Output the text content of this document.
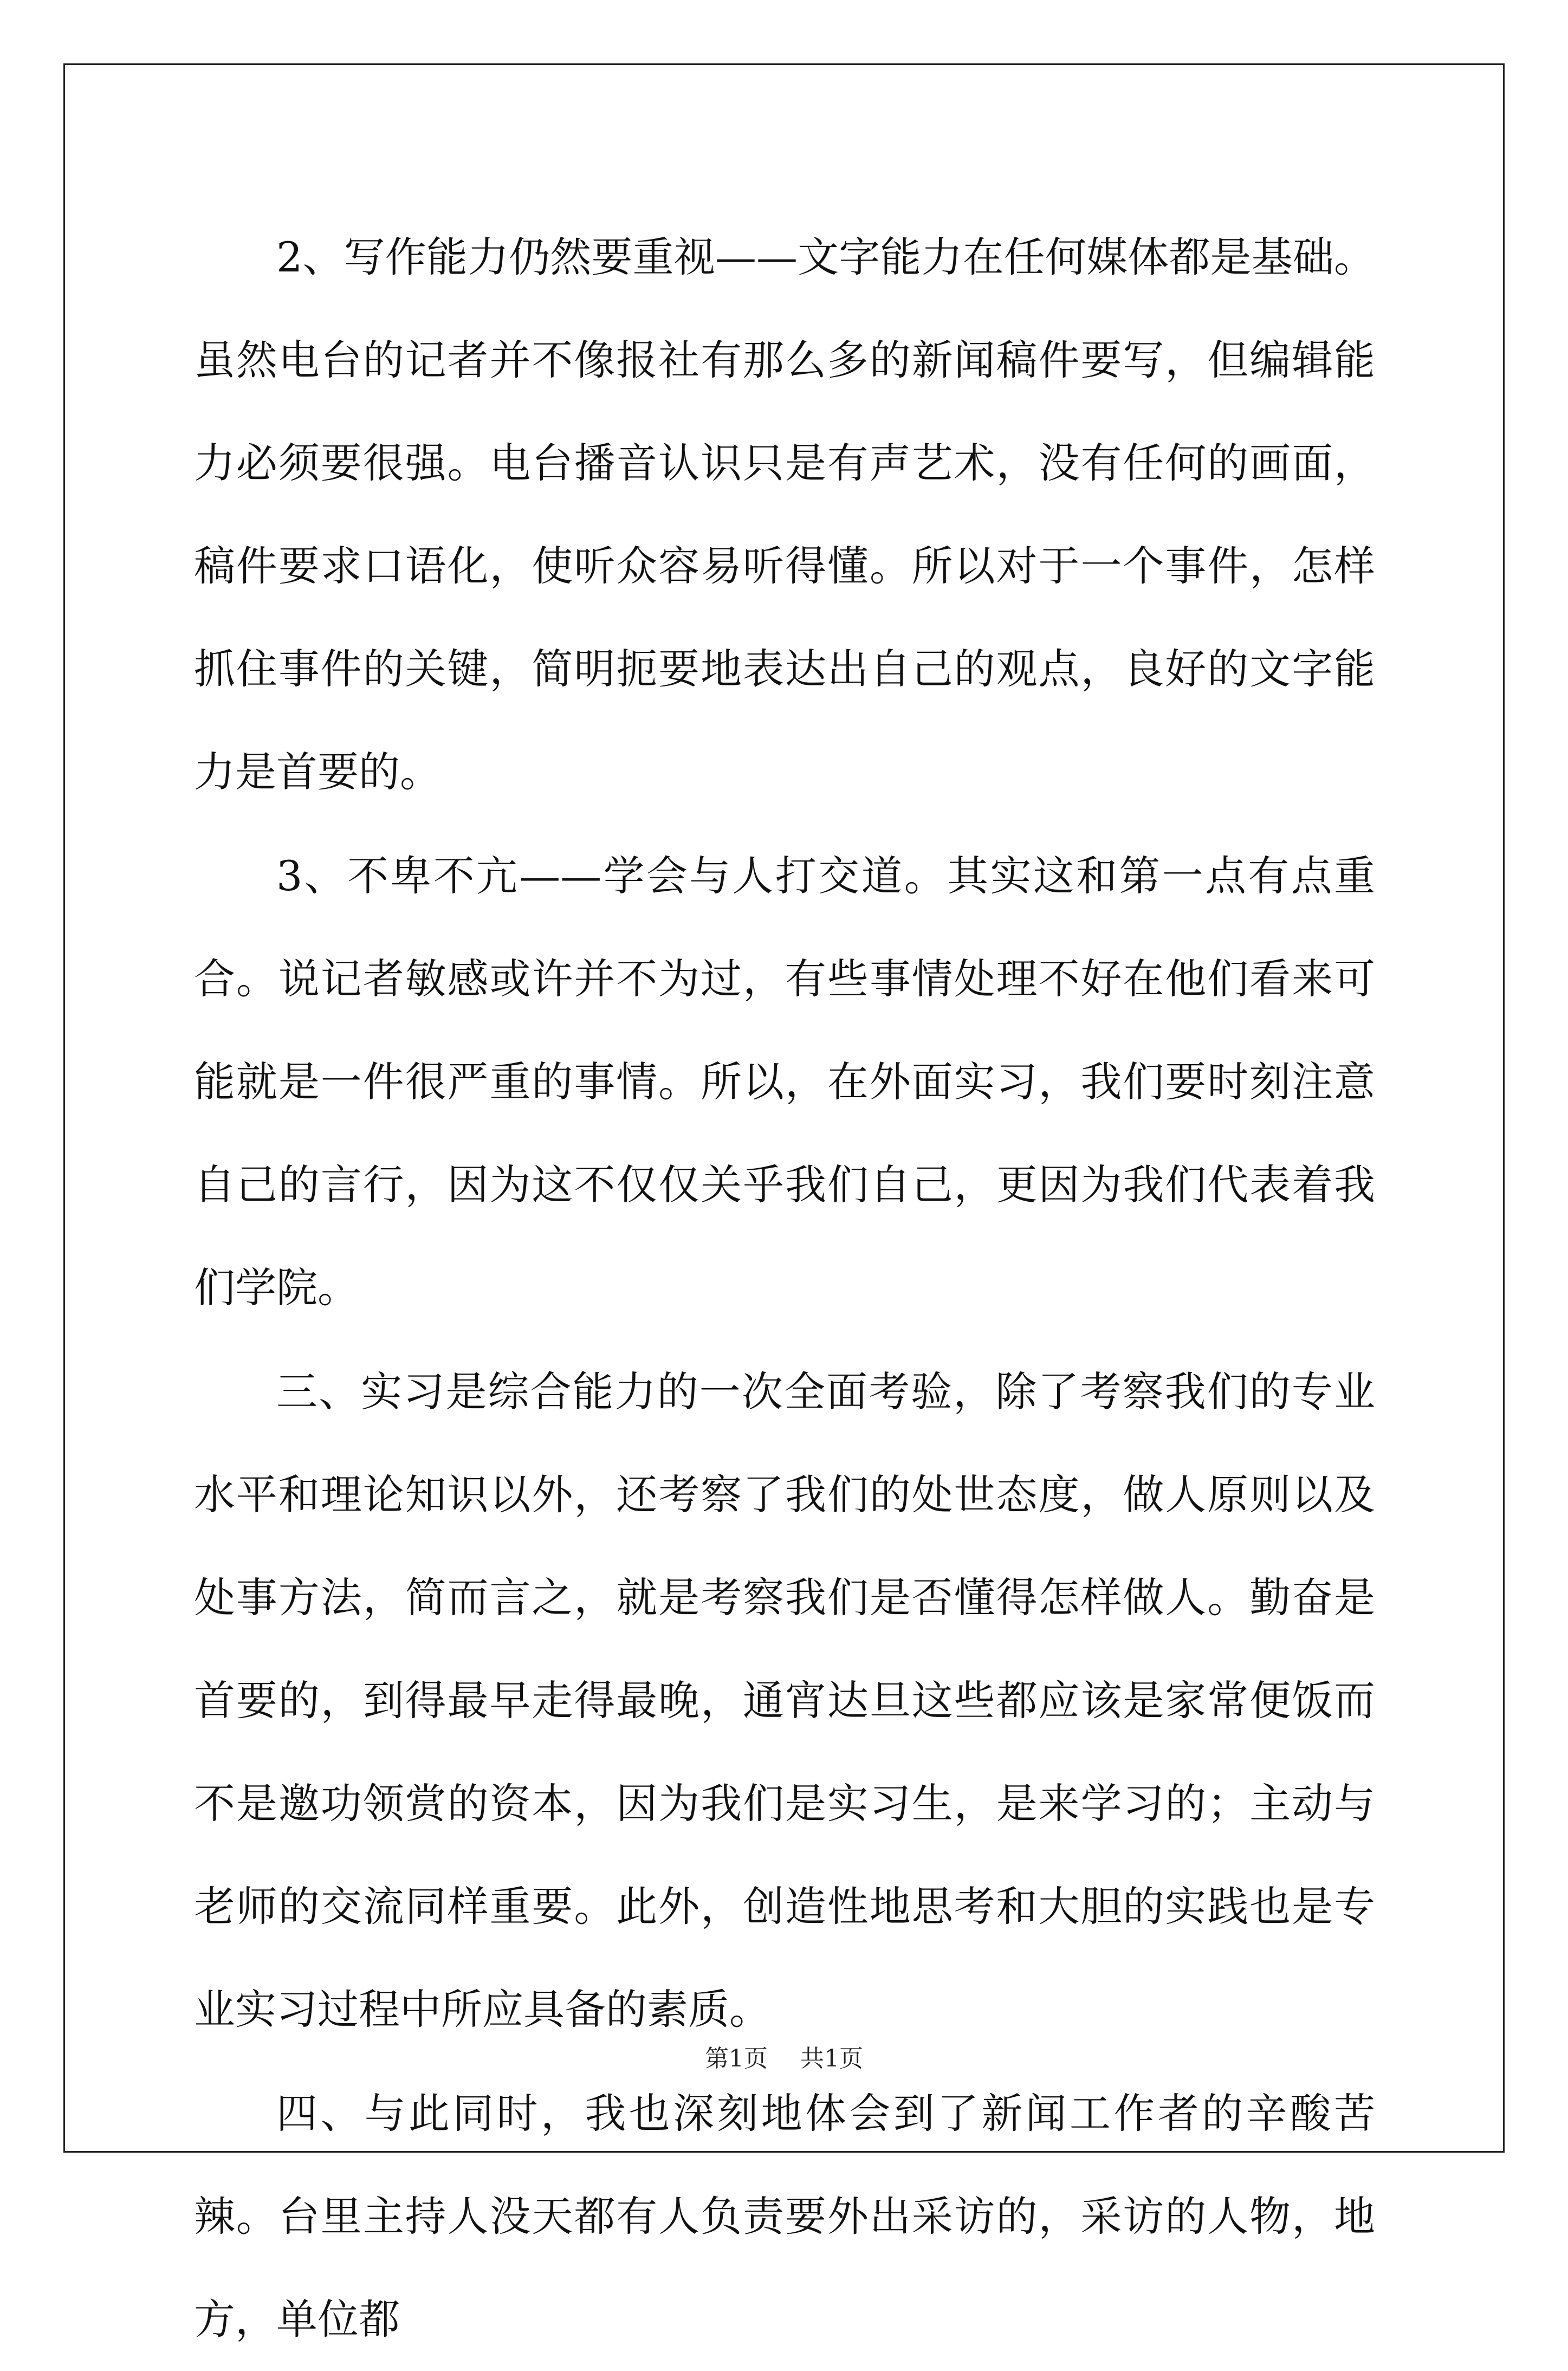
2、写作能力仍然要重视——文字能力在任何媒体都是基础。虽然电台的记者并不像报社有那么多的新闻稿件要写，但编辑能力必须要很强。电台播音认识只是有声艺术，没有任何的画面，稿件要求口语化，使听众容易听得懂。所以对于一个事件，怎样抓住事件的关键，简明扼要地表达出自己的观点，良好的文字能力是首要的。

3、不卑不亢——学会与人打交道。其实这和第一点有点重合。说记者敏感或许并不为过，有些事情处理不好在他们看来可能就是一件很严重的事情。所以，在外面实习，我们要时刻注意自己的言行，因为这不仅仅关乎我们自己，更因为我们代表着我们学院。

三、实习是综合能力的一次全面考验，除了考察我们的专业水平和理论知识以外，还考察了我们的处世态度，做人原则以及处事方法，简而言之，就是考察我们是否懂得怎样做人。勤奋是首要的，到得最早走得最晚，通宵达旦这些都应该是家常便饭而不是邀功领赏的资本，因为我们是实习生，是来学习的；主动与老师的交流同样重要。此外，创造性地思考和大胆的实践也是专业实习过程中所应具备的素质。

四、与此同时，我也深刻地体会到了新闻工作者的辛酸苦辣。台里主持人没天都有人负责要外出采访的，采访的人物，地方，单位都

第1页 共1页
